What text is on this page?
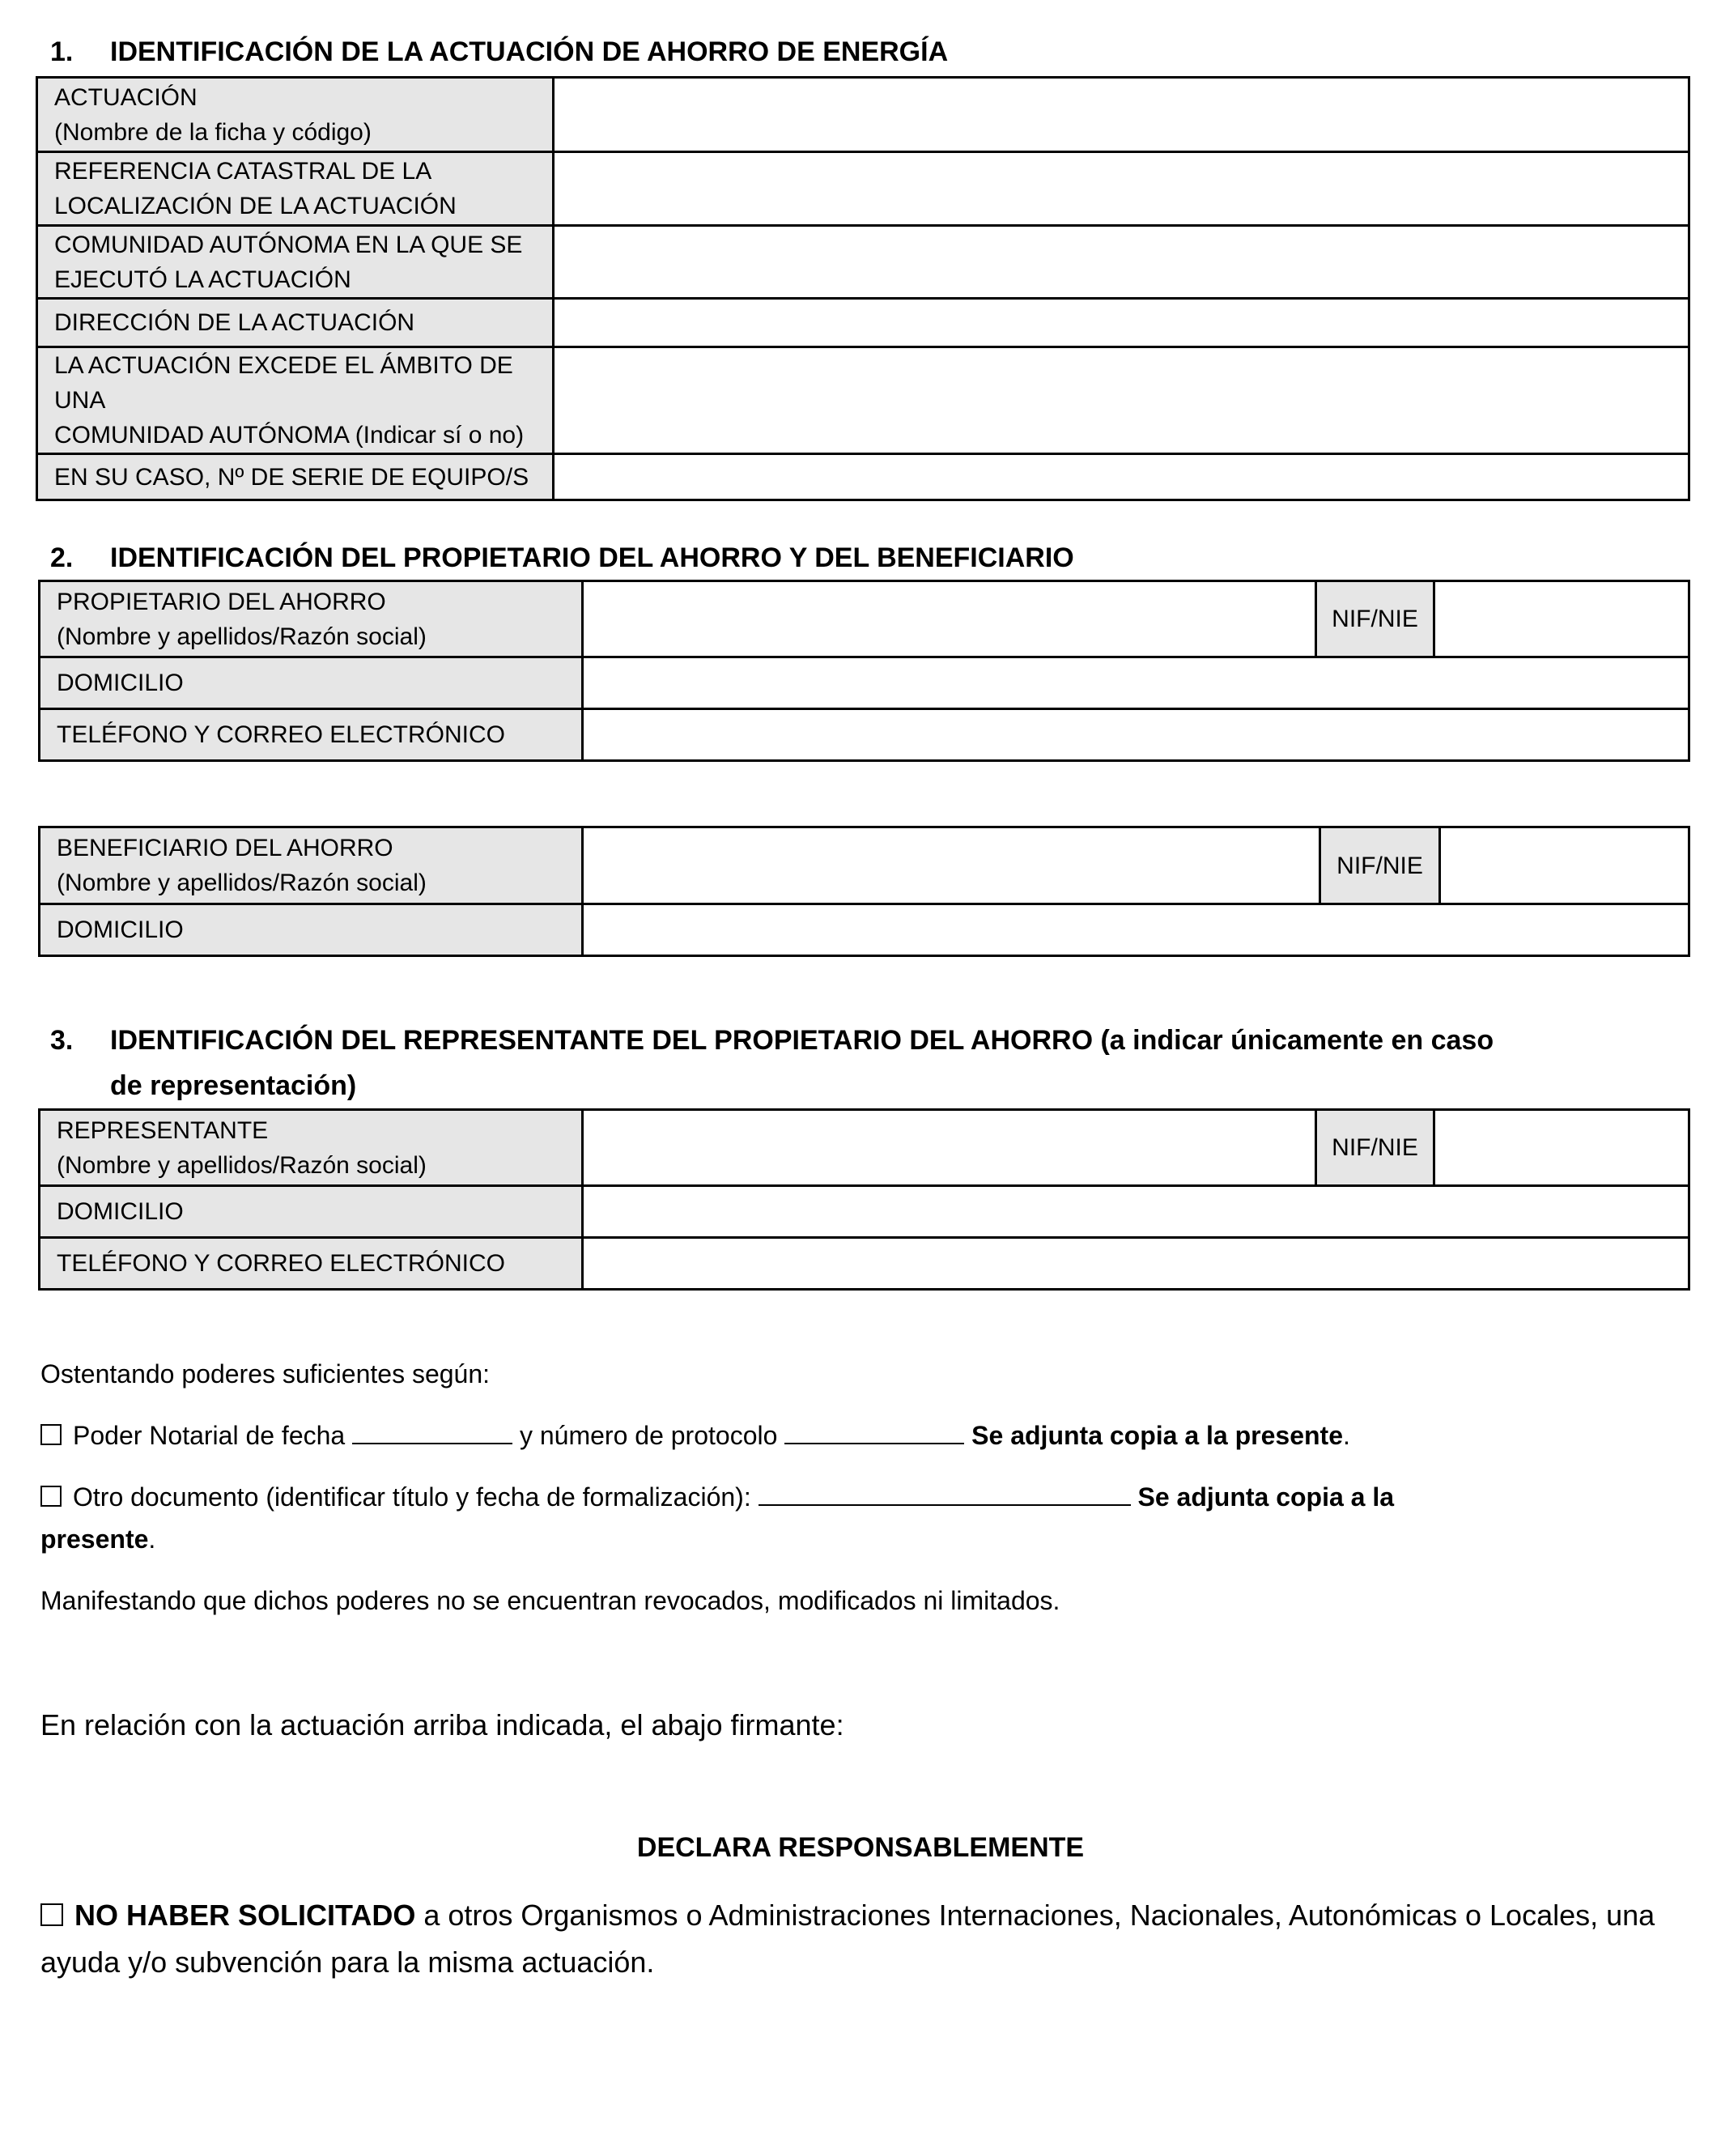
1. IDENTIFICACIÓN DE LA ACTUACIÓN DE AHORRO DE ENERGÍA
ACTUACIÓN
(Nombre de la ficha y código)	

REFERENCIA CATASTRAL DE LA
LOCALIZACIÓN DE LA ACTUACIÓN	

COMUNIDAD AUTÓNOMA EN LA QUE SE
EJECUTÓ LA ACTUACIÓN	

DIRECCIÓN DE LA ACTUACIÓN	

LA ACTUACIÓN EXCEDE EL ÁMBITO DE UNA
COMUNIDAD AUTÓNOMA (Indicar sí o no)	

EN SU CASO, Nº DE SERIE DE EQUIPO/S	

2. IDENTIFICACIÓN DEL PROPIETARIO DEL AHORRO Y DEL BENEFICIARIO
PROPIETARIO DEL AHORRO
(Nombre y apellidos/Razón social)		NIF/NIE	
DOMICILIO			
TELÉFONO Y CORREO ELECTRÓNICO			
BENEFICIARIO DEL AHORRO
(Nombre y apellidos/Razón social)		NIF/NIE	
DOMICILIO			
3. IDENTIFICACIÓN DEL REPRESENTANTE DEL PROPIETARIO DEL AHORRO (a indicar únicamente en caso
de representación)
REPRESENTANTE
(Nombre y apellidos/Razón social)		NIF/NIE	
DOMICILIO			
TELÉFONO Y CORREO ELECTRÓNICO			
Ostentando poderes suficientes según:
Poder Notarial de fecha	y número de protocolo	Se adjunta copia a la presente.
Otro documento (identificar título y fecha de formalización):	Se adjunta copia a la
presente.
Manifestando que dichos poderes no se encuentran revocados, modificados ni limitados.
En relación con la actuación arriba indicada, el abajo firmante:
DECLARA RESPONSABLEMENTE
NO HABER SOLICITADO a otros Organismos o Administraciones Internaciones, Nacionales, Autonómicas o Locales, una
ayuda y/o subvención para la misma actuación.
